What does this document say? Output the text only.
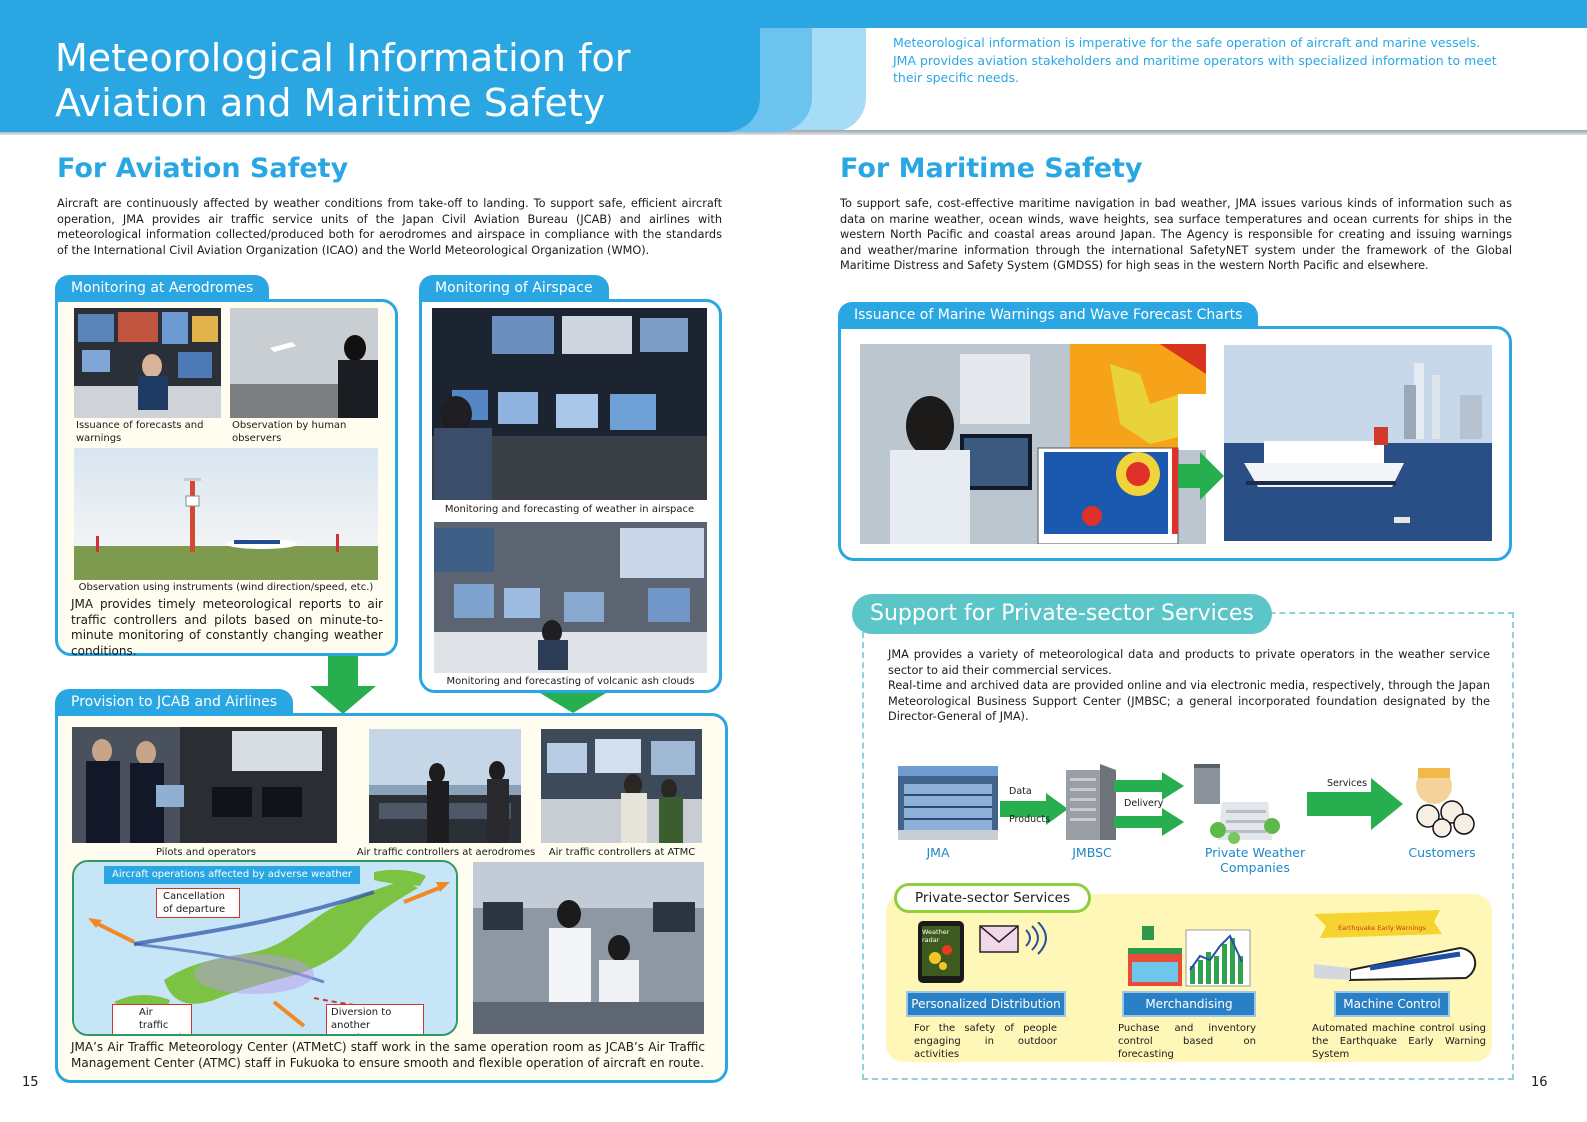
Meteorological Information for
Aviation and Maritime Safety
Meteorological information is imperative for the safe operation of aircraft and marine vessels.
JMA provides aviation stakeholders and maritime operators with specialized information to meet their specific needs.
For Aviation Safety

Aircraft are continuously affected by weather conditions from take-off to landing. To support safe, efficient aircraft operation, JMA provides air traffic service units of the Japan Civil Aviation Bureau (JCAB) and airlines with meteorological information collected/produced both for aerodromes and airspace in compliance with the standards of the International Civil Aviation Organization (ICAO) and the World Meteorological Organization (WMO).

Monitoring at Aerodromes
Issuance of forecasts and warnings
Observation by human observers
Observation using instruments (wind direction/speed, etc.)

JMA provides timely meteorological reports to air traffic controllers and pilots based on minute-to-minute monitoring of constantly changing weather conditions.

Monitoring of Airspace
Monitoring and forecasting of weather in airspace
Monitoring and forecasting of volcanic ash clouds
Provision to JCAB and Airlines
Pilots and operators	Air traffic controllers at aerodromes	Air traffic controllers at ATMC
Aircraft operations affected by adverse weather
Cancellation of departure
Air traffic
Diversion to another

JMA’s Air Traffic Meteorology Center (ATMetC) staff work in the same operation room as JCAB’s Air Traffic Management Center (ATMC) staff in Fukuoka to ensure smooth and flexible operation of aircraft en route.

15
For Maritime Safety

To support safe, cost-effective maritime navigation in bad weather, JMA issues various kinds of information such as data on marine weather, ocean winds, wave heights, sea surface temperatures and ocean currents for ships in the western North Pacific and coastal areas around Japan. The Agency is responsible for creating and issuing warnings and weather/marine information through the international SafetyNET system under the framework of the Global Maritime Distress and Safety System (GMDSS) for high seas in the western North Pacific and elsewhere.

Issuance of Marine Warnings and Wave Forecast Charts
Support for Private-sector Services

JMA provides a variety of meteorological data and products to private operators in the weather service sector to aid their commercial services.

Real-time and archived data are provided online and via electronic media, respectively, through the Japan Meteorological Business Support Center (JMBSC; a general incorporated foundation designated by the Director-General of JMA).

JMA
Data
Products
JMBSC
Delivery
Private Weather Companies
Services
Customers
Private-sector Services
Weather radar
Earthquake Early Warnings
Personalized Distribution	Merchandising	Machine Control

For the safety of people engaging in outdoor activities

Puchase and inventory control based on forecasting

Automated machine control using the Earthquake Early Warning System

16
